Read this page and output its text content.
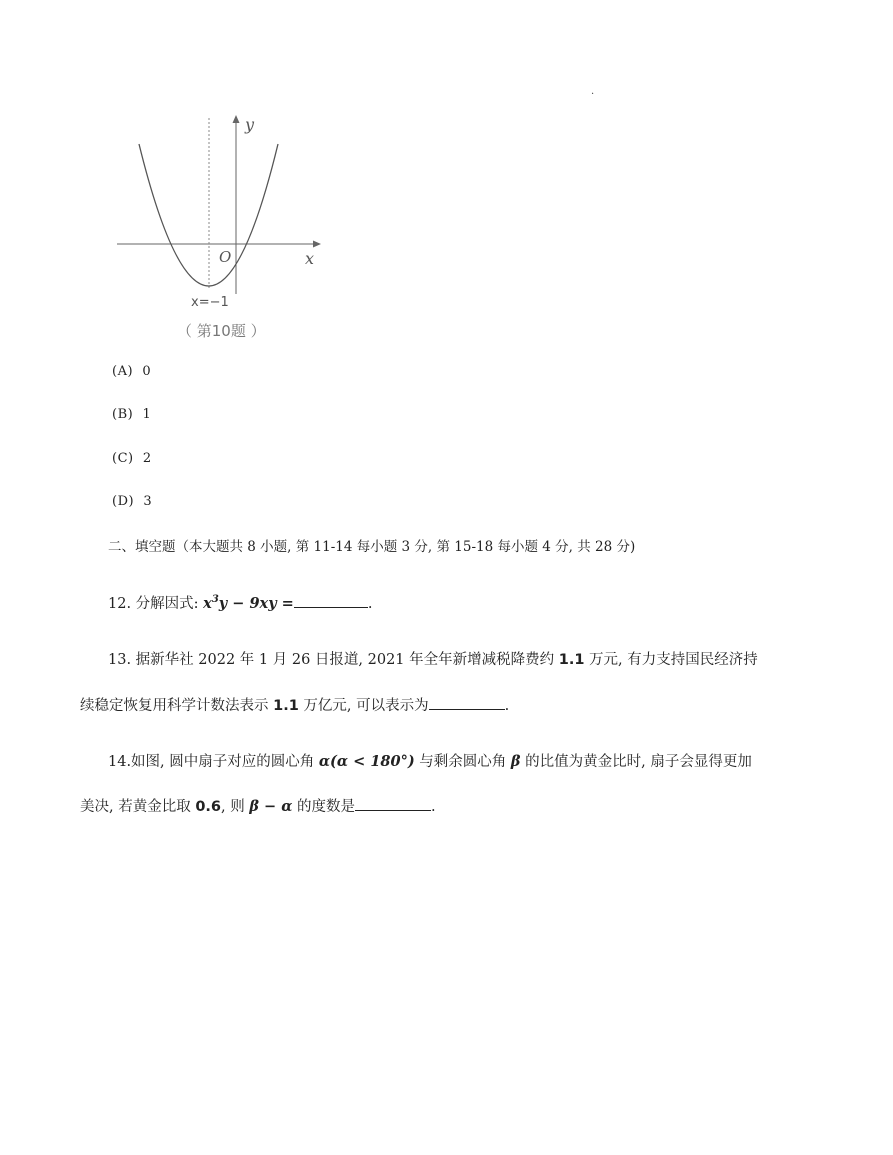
.
y
x
O
x=−1
（ 第10题 ）
(A) 0
(B) 1
(C) 2
(D) 3
二、填空题（本大题共 8 小题, 第 11-14 每小题 3 分, 第 15-18 每小题 4 分, 共 28 分)
12. 分解因式: $x^3y - 9xy$ =	.
13. 据新华社 2022 年 1 月 26 日报道, 2021 年全年新增减税降费约 1.1 万元, 有力支持国民经济持
续稳定恢复用科学计数法表示 1.1 万亿元, 可以表示为	.
14.如图, 圆中扇子对应的圆心角 α(α < 180°) 与剩余圆心角 β 的比值为黄金比时, 扇子会显得更加
美决, 若黄金比取 0.6, 则 β − α 的度数是	.
